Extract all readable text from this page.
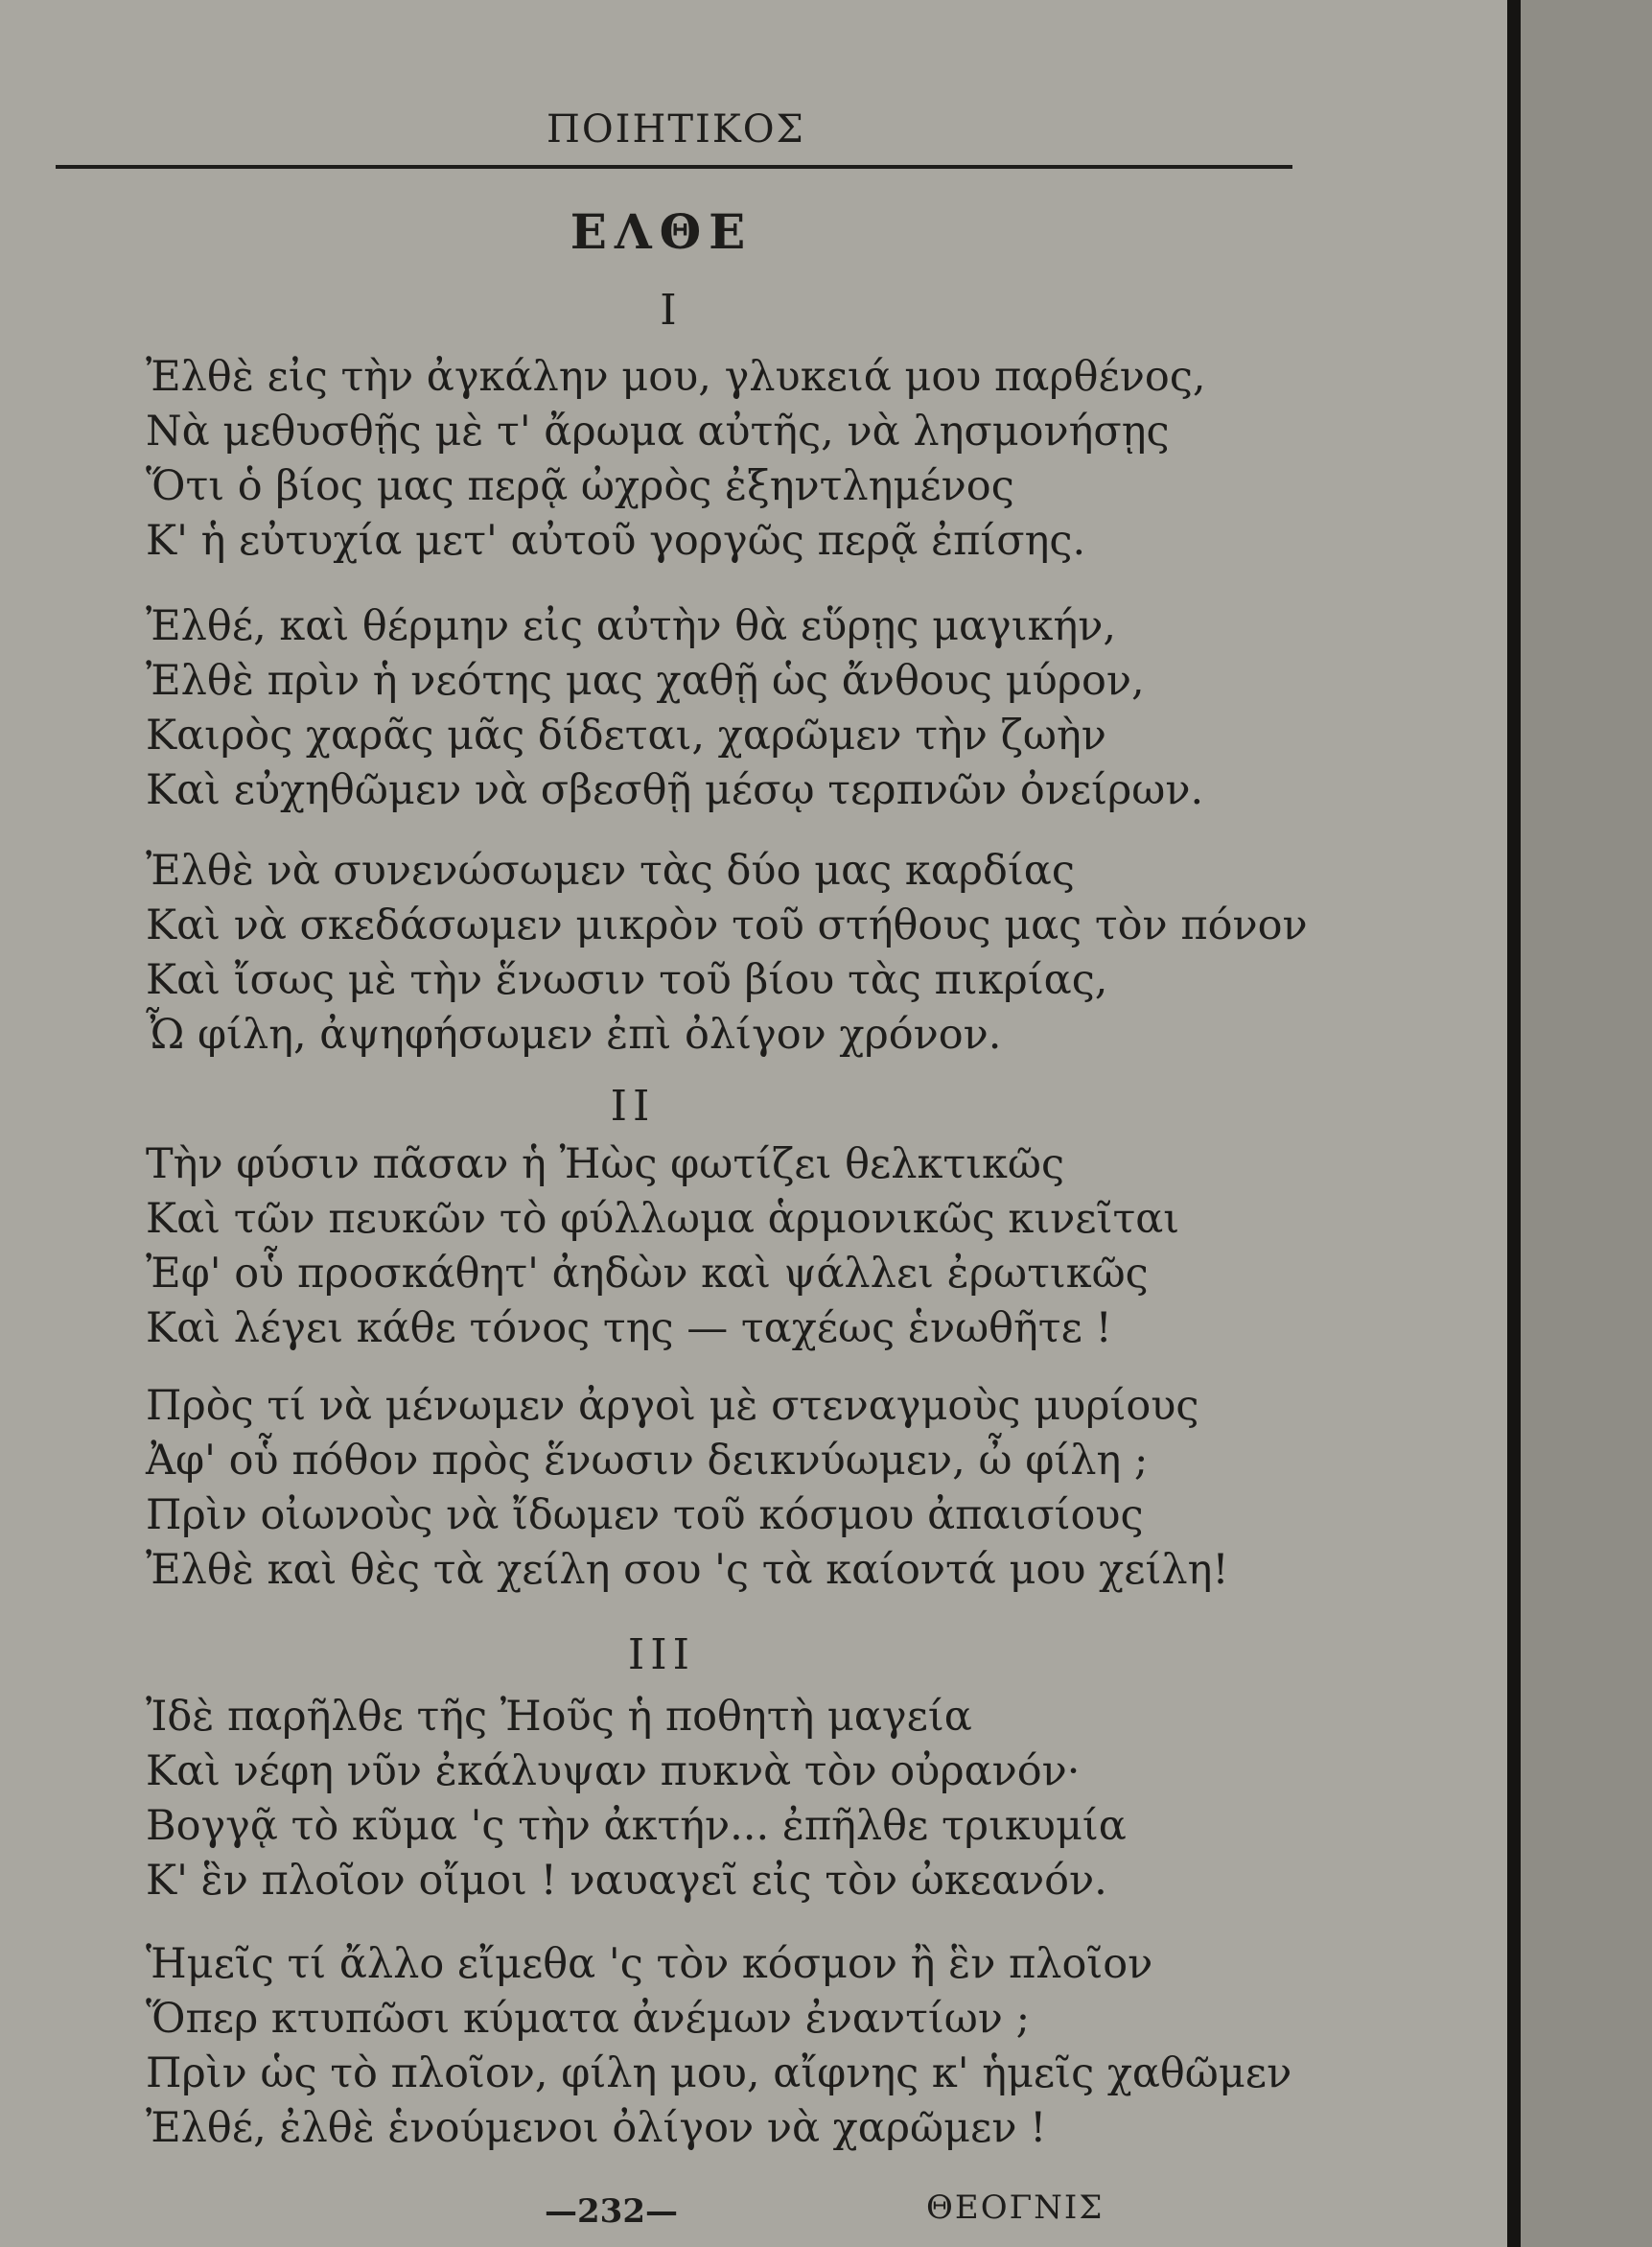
ΠΟΙΗΤΙΚΟΣ
ΕΛΘΕ
I
Ἐλθὲ εἰς τὴν ἀγκάλην μου, γλυκειά μου παρθένος,
Νὰ μεθυσθῇς μὲ τ' ἄρωμα αὐτῆς, νὰ λησμονήσῃς
Ὅτι ὁ βίος μας περᾷ ὠχρὸς ἐξηντλημένος
Κ' ἡ εὐτυχία μετ' αὐτοῦ γοργῶς περᾷ ἐπίσης.
Ἐλθέ, καὶ θέρμην εἰς αὐτὴν θὰ εὕρῃς μαγικήν,
Ἐλθὲ πρὶν ἡ νεότης μας χαθῇ ὡς ἄνθους μύρον,
Καιρὸς χαρᾶς μᾶς δίδεται, χαρῶμεν τὴν ζωὴν
Καὶ εὐχηθῶμεν νὰ σβεσθῇ μέσῳ τερπνῶν ὀνείρων.
Ἐλθὲ νὰ συνενώσωμεν τὰς δύο μας καρδίας
Καὶ νὰ σκεδάσωμεν μικρὸν τοῦ στήθους μας τὸν πόνον
Καὶ ἴσως μὲ τὴν ἕνωσιν τοῦ βίου τὰς πικρίας,
Ὦ φίλη, ἀψηφήσωμεν ἐπὶ ὀλίγον χρόνον.
II
Τὴν φύσιν πᾶσαν ἡ Ἠὼς φωτίζει θελκτικῶς
Καὶ τῶν πευκῶν τὸ φύλλωμα ἁρμονικῶς κινεῖται
Ἐφ' οὗ προσκάθητ' ἀηδὼν καὶ ψάλλει ἐρωτικῶς
Καὶ λέγει κάθε τόνος της — ταχέως ἑνωθῆτε !
Πρὸς τί νὰ μένωμεν ἀργοὶ μὲ στεναγμοὺς μυρίους
Ἀφ' οὗ πόθον πρὸς ἕνωσιν δεικνύωμεν, ὦ φίλη ;
Πρὶν οἰωνοὺς νὰ ἴδωμεν τοῦ κόσμου ἀπαισίους
Ἐλθὲ καὶ θὲς τὰ χείλη σου 'ς τὰ καίοντά μου χείλη!
III
Ἰδὲ παρῆλθε τῆς Ἠοῦς ἡ ποθητὴ μαγεία
Καὶ νέφη νῦν ἐκάλυψαν πυκνὰ τὸν οὐρανόν·
Βογγᾷ τὸ κῦμα 'ς τὴν ἀκτήν... ἐπῆλθε τρικυμία
Κ' ἓν πλοῖον οἴμοι ! ναυαγεῖ εἰς τὸν ὠκεανόν.
Ἡμεῖς τί ἄλλο εἴμεθα 'ς τὸν κόσμον ἢ ἓν πλοῖον
Ὅπερ κτυπῶσι κύματα ἀνέμων ἐναντίων ;
Πρὶν ὡς τὸ πλοῖον, φίλη μου, αἴφνης κ' ἡμεῖς χαθῶμεν
Ἐλθέ, ἐλθὲ ἑνούμενοι ὀλίγον νὰ χαρῶμεν !
ΘΕΟΓΝΙΣ
—232—
